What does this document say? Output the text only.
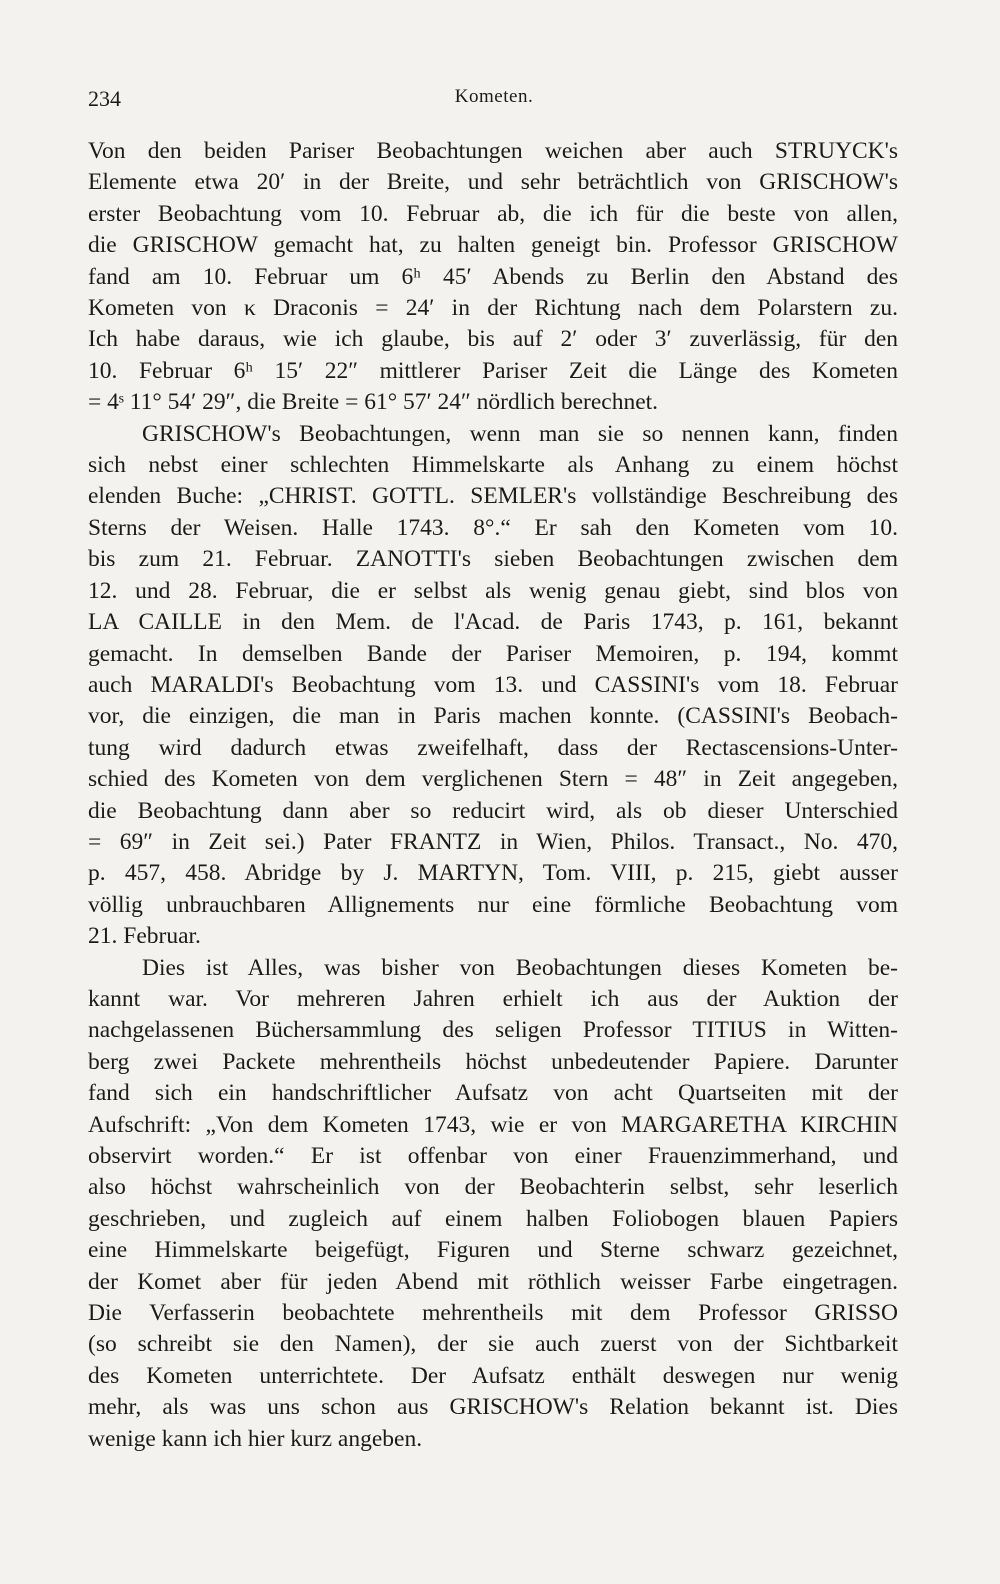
234	Kometen.

Von den beiden Pariser Beobachtungen weichen aber auch STRUYCK's
Elemente etwa 20′ in der Breite, und sehr beträchtlich von GRISCHOW's
erster Beobachtung vom 10. Februar ab, die ich für die beste von allen,
die GRISCHOW gemacht hat, zu halten geneigt bin. Professor GRISCHOW
fand am 10. Februar um 6ʰ 45′ Abends zu Berlin den Abstand des
Kometen von κ Draconis = 24′ in der Richtung nach dem Polarstern zu.
Ich habe daraus, wie ich glaube, bis auf 2′ oder 3′ zuverlässig, für den
10. Februar 6ʰ 15′ 22″ mittlerer Pariser Zeit die Länge des Kometen
= 4ˢ 11° 54′ 29″, die Breite = 61° 57′ 24″ nördlich berechnet.

GRISCHOW's Beobachtungen, wenn man sie so nennen kann, finden
sich nebst einer schlechten Himmelskarte als Anhang zu einem höchst
elenden Buche: „CHRIST. GOTTL. SEMLER's vollständige Beschreibung des
Sterns der Weisen. Halle 1743. 8°.“ Er sah den Kometen vom 10.
bis zum 21. Februar. ZANOTTI's sieben Beobachtungen zwischen dem
12. und 28. Februar, die er selbst als wenig genau giebt, sind blos von
LA CAILLE in den Mem. de l'Acad. de Paris 1743, p. 161, bekannt
gemacht. In demselben Bande der Pariser Memoiren, p. 194, kommt
auch MARALDI's Beobachtung vom 13. und CASSINI's vom 18. Februar
vor, die einzigen, die man in Paris machen konnte. (CASSINI's Beobach-
tung wird dadurch etwas zweifelhaft, dass der Rectascensions-Unter-
schied des Kometen von dem verglichenen Stern = 48″ in Zeit angegeben,
die Beobachtung dann aber so reducirt wird, als ob dieser Unterschied
= 69″ in Zeit sei.) Pater FRANTZ in Wien, Philos. Transact., No. 470,
p. 457, 458. Abridge by J. MARTYN, Tom. VIII, p. 215, giebt ausser
völlig unbrauchbaren Allignements nur eine förmliche Beobachtung vom
21. Februar.

Dies ist Alles, was bisher von Beobachtungen dieses Kometen be-
kannt war. Vor mehreren Jahren erhielt ich aus der Auktion der
nachgelassenen Büchersammlung des seligen Professor TITIUS in Witten-
berg zwei Packete mehrentheils höchst unbedeutender Papiere. Darunter
fand sich ein handschriftlicher Aufsatz von acht Quartseiten mit der
Aufschrift: „Von dem Kometen 1743, wie er von MARGARETHA KIRCHIN
observirt worden.“ Er ist offenbar von einer Frauenzimmerhand, und
also höchst wahrscheinlich von der Beobachterin selbst, sehr leserlich
geschrieben, und zugleich auf einem halben Foliobogen blauen Papiers
eine Himmelskarte beigefügt, Figuren und Sterne schwarz gezeichnet,
der Komet aber für jeden Abend mit röthlich weisser Farbe eingetragen.
Die Verfasserin beobachtete mehrentheils mit dem Professor GRISSO
(so schreibt sie den Namen), der sie auch zuerst von der Sichtbarkeit
des Kometen unterrichtete. Der Aufsatz enthält deswegen nur wenig
mehr, als was uns schon aus GRISCHOW's Relation bekannt ist. Dies
wenige kann ich hier kurz angeben.
